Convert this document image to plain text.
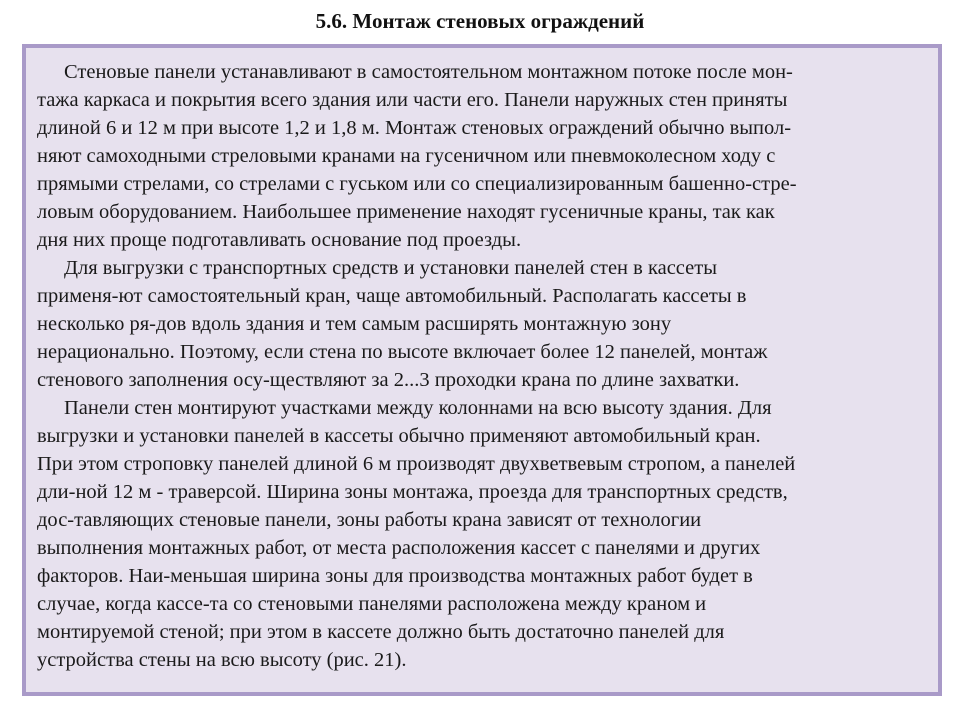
5.6. Монтаж стеновых ограждений
Стеновые панели устанавливают в самостоятельном монтажном потоке после мон-
тажа каркаса и покрытия всего здания или части его. Панели наружных стен приняты
длиной 6 и 12 м при высоте 1,2 и 1,8 м. Монтаж стеновых ограждений обычно выпол-
няют самоходными стреловыми кранами на гусеничном или пневмоколесном ходу с
прямыми стрелами, со стрелами с гуськом или со специализированным башенно-стре-
ловым оборудованием. Наибольшее применение находят гусеничные краны, так как
дня них проще подготавливать основание под проезды.
Для выгрузки с транспортных средств и установки панелей стен в кассеты
применя-ют самостоятельный кран, чаще автомобильный. Располагать кассеты в
несколько ря-дов вдоль здания и тем самым расширять монтажную зону
нерационально. Поэтому, если стена по высоте включает более 12 панелей, монтаж
стенового заполнения осу-ществляют за 2...3 проходки крана по длине захватки.
Панели стен монтируют участками между колоннами на всю высоту здания. Для
выгрузки и установки панелей в кассеты обычно применяют автомобильный кран.
При этом строповку панелей длиной 6 м производят двухветвевым стропом, а панелей
дли-ной 12 м - траверсой. Ширина зоны монтажа, проезда для транспортных средств,
дос-тавляющих стеновые панели, зоны работы крана зависят от технологии
выполнения монтажных работ, от места расположения кассет с панелями и других
факторов. Наи-меньшая ширина зоны для производства монтажных работ будет в
случае, когда кассе-та со стеновыми панелями расположена между краном и
монтируемой стеной; при этом в кассете должно быть достаточно панелей для
устройства стены на всю высоту (рис. 21).
